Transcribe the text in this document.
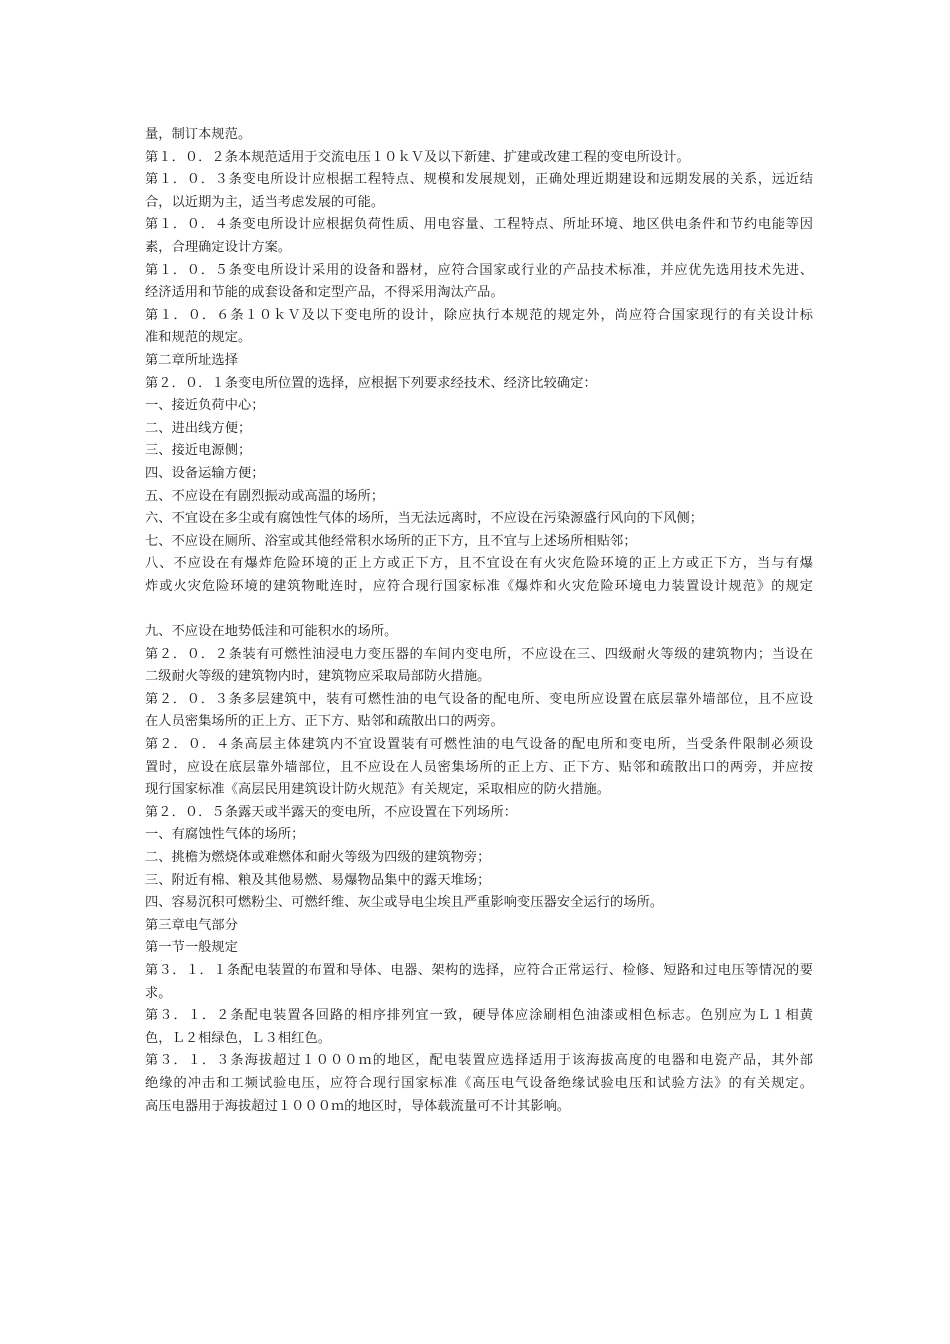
量，制订本规范。
第１．０．２条本规范适用于交流电压１０ｋＶ及以下新建、扩建或改建工程的变电所设计。
第１．０．３条变电所设计应根据工程特点、规模和发展规划，正确处理近期建设和远期发展的关系，远近结
合，以近期为主，适当考虑发展的可能。
第１．０．４条变电所设计应根据负荷性质、用电容量、工程特点、所址环境、地区供电条件和节约电能等因
素，合理确定设计方案。
第１．０．５条变电所设计采用的设备和器材，应符合国家或行业的产品技术标准，并应优先选用技术先进、
经济适用和节能的成套设备和定型产品，不得采用淘汰产品。
第１．０．６条１０ｋＶ及以下变电所的设计，除应执行本规范的规定外，尚应符合国家现行的有关设计标
准和规范的规定。
第二章所址选择
第２．０．１条变电所位置的选择，应根据下列要求经技术、经济比较确定：
一、接近负荷中心；
二、进出线方便；
三、接近电源侧；
四、设备运输方便；
五、不应设在有剧烈振动或高温的场所；
六、不宜设在多尘或有腐蚀性气体的场所，当无法远离时，不应设在污染源盛行风向的下风侧；
七、不应设在厕所、浴室或其他经常积水场所的正下方，且不宜与上述场所相贴邻；
八、不应设在有爆炸危险环境的正上方或正下方，且不宜设在有火灾危险环境的正上方或正下方，当与有爆
炸或火灾危险环境的建筑物毗连时，应符合现行国家标准《爆炸和火灾危险环境电力装置设计规范》的规定
九、不应设在地势低洼和可能积水的场所。
第２．０．２条装有可燃性油浸电力变压器的车间内变电所，不应设在三、四级耐火等级的建筑物内；当设在
二级耐火等级的建筑物内时，建筑物应采取局部防火措施。
第２．０．３条多层建筑中，装有可燃性油的电气设备的配电所、变电所应设置在底层靠外墙部位，且不应设
在人员密集场所的正上方、正下方、贴邻和疏散出口的两旁。
第２．０．４条高层主体建筑内不宜设置装有可燃性油的电气设备的配电所和变电所，当受条件限制必须设
置时，应设在底层靠外墙部位，且不应设在人员密集场所的正上方、正下方、贴邻和疏散出口的两旁，并应按
现行国家标准《高层民用建筑设计防火规范》有关规定，采取相应的防火措施。
第２．０．５条露天或半露天的变电所，不应设置在下列场所：
一、有腐蚀性气体的场所；
二、挑檐为燃烧体或难燃体和耐火等级为四级的建筑物旁；
三、附近有棉、粮及其他易燃、易爆物品集中的露天堆场；
四、容易沉积可燃粉尘、可燃纤维、灰尘或导电尘埃且严重影响变压器安全运行的场所。
第三章电气部分
第一节一般规定
第３．１．１条配电装置的布置和导体、电器、架构的选择，应符合正常运行、检修、短路和过电压等情况的要
求。
第３．１．２条配电装置各回路的相序排列宜一致，硬导体应涂刷相色油漆或相色标志。色别应为Ｌ１相黄
色，Ｌ２相绿色，Ｌ３相红色。
第３．１．３条海拔超过１０００ｍ的地区，配电装置应选择适用于该海拔高度的电器和电瓷产品，其外部
绝缘的冲击和工频试验电压，应符合现行国家标准《高压电气设备绝缘试验电压和试验方法》的有关规定。
高压电器用于海拔超过１０００ｍ的地区时，导体载流量可不计其影响。
